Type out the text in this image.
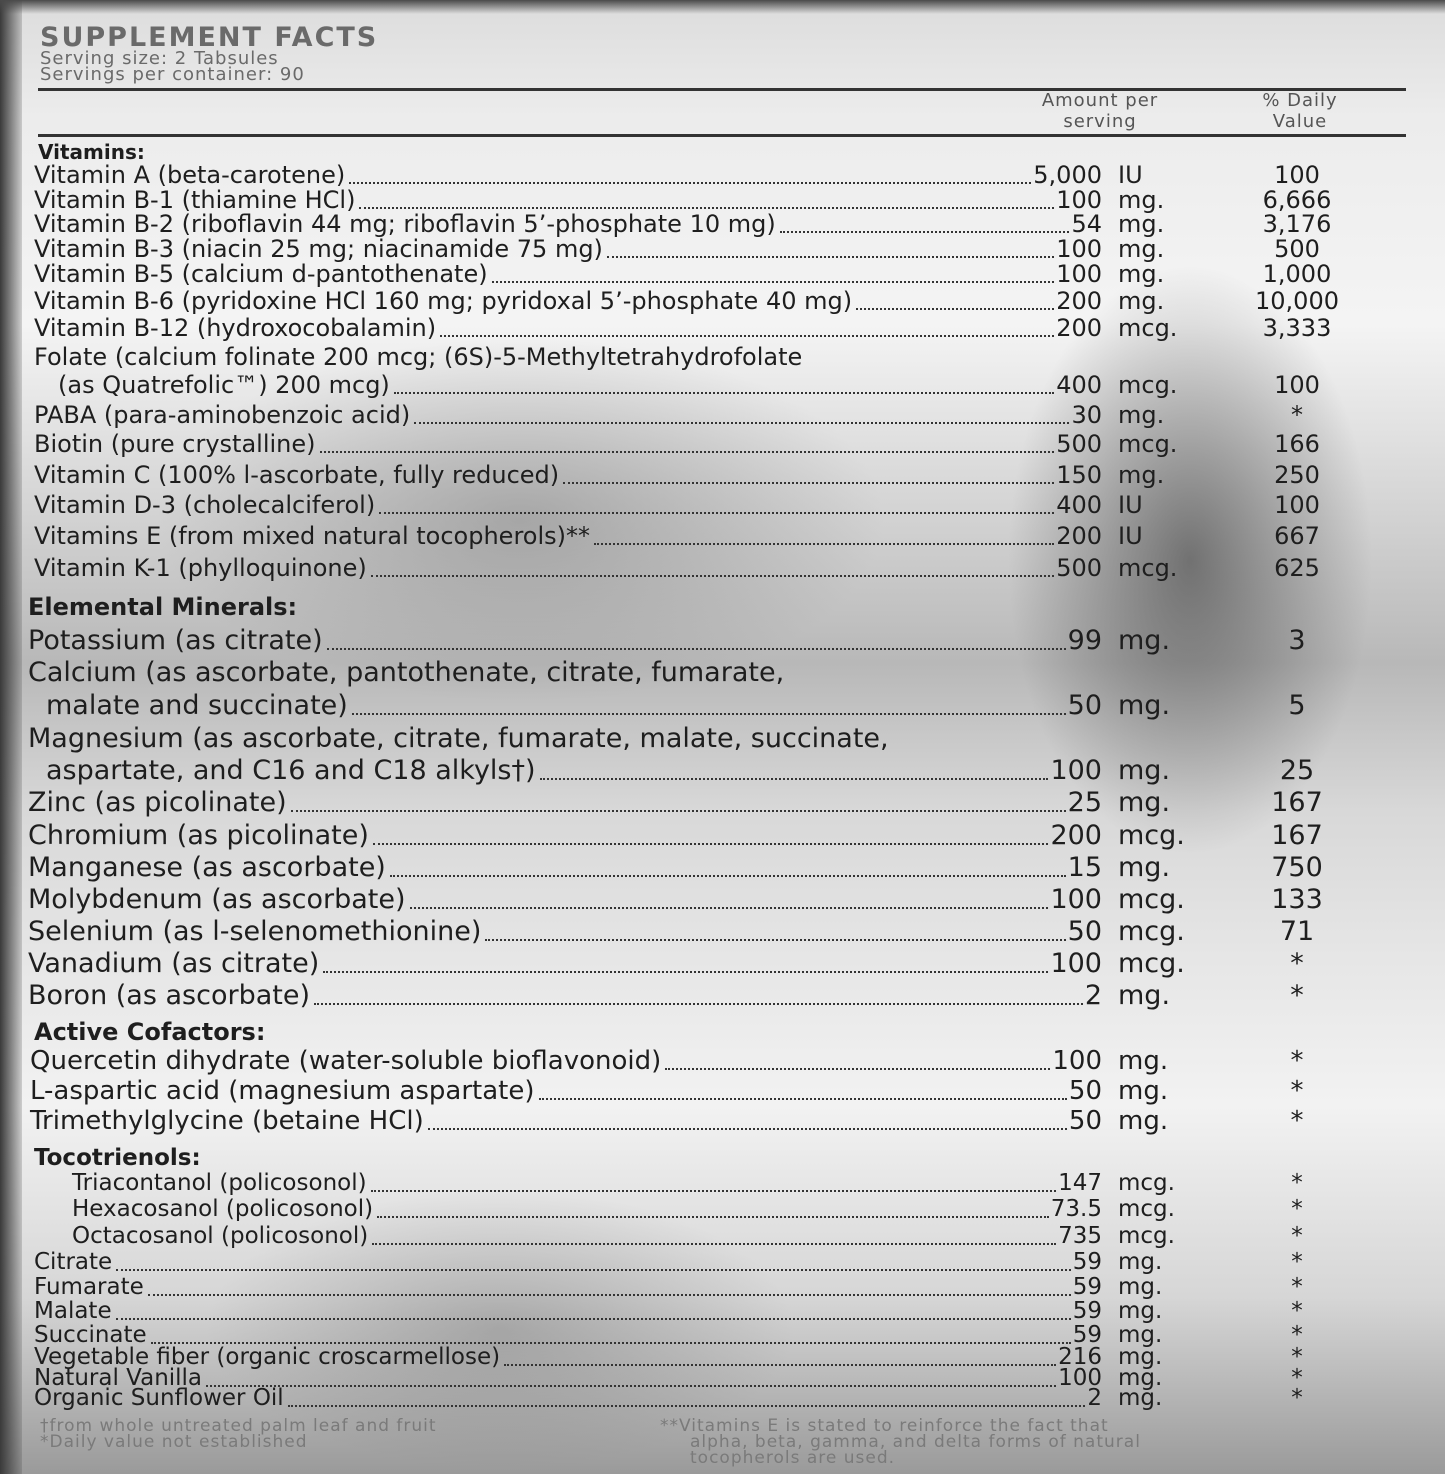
SUPPLEMENT FACTS
Serving size: 2 Tabsules
Servings per container: 90
Amount per
serving
% Daily
Value
Vitamins:
Vitamin A (beta-carotene)	5,000 IU	100
Vitamin B-1 (thiamine HCl)	100 mg.	6,666
Vitamin B-2 (riboflavin 44 mg; riboflavin 5’-phosphate 10 mg)	54 mg.	3,176
Vitamin B-3 (niacin 25 mg; niacinamide 75 mg)	100 mg.	500
Vitamin B-5 (calcium d-pantothenate)	100 mg.	1,000
Vitamin B-6 (pyridoxine HCl 160 mg; pyridoxal 5’-phosphate 40 mg)	200 mg.	10,000
Vitamin B-12 (hydroxocobalamin)	200 mcg.	3,333
Folate (calcium folinate 200 mcg; (6S)-5-Methyltetrahydrofolate
(as Quatrefolic™) 200 mcg)	400 mcg.	100
PABA (para-aminobenzoic acid)	30 mg.	*
Biotin (pure crystalline)	500 mcg.	166
Vitamin C (100% l-ascorbate, fully reduced)	150 mg.	250
Vitamin D-3 (cholecalciferol)	400 IU	100
Vitamins E (from mixed natural tocopherols)**	200 IU	667
Vitamin K-1 (phylloquinone)	500 mcg.	625
Elemental Minerals:
Potassium (as citrate)	99 mg.	3
Calcium (as ascorbate, pantothenate, citrate, fumarate,
malate and succinate)	50 mg.	5
Magnesium (as ascorbate, citrate, fumarate, malate, succinate,
aspartate, and C16 and C18 alkyls†)	100 mg.	25
Zinc (as picolinate)	25 mg.	167
Chromium (as picolinate)	200 mcg.	167
Manganese (as ascorbate)	15 mg.	750
Molybdenum (as ascorbate)	100 mcg.	133
Selenium (as l-selenomethionine)	50 mcg.	71
Vanadium (as citrate)	100 mcg.	*
Boron (as ascorbate)	2 mg.	*
Active Cofactors:
Quercetin dihydrate (water-soluble bioflavonoid)	100 mg.	*
L-aspartic acid (magnesium aspartate)	50 mg.	*
Trimethylglycine (betaine HCl)	50 mg.	*
Tocotrienols:
Triacontanol (policosonol)	147 mcg.	*
Hexacosanol (policosonol)	73.5 mcg.	*
Octacosanol (policosonol)	735 mcg.	*
Citrate	59 mg.	*
Fumarate	59 mg.	*
Malate	59 mg.	*
Succinate	59 mg.	*
Vegetable fiber (organic croscarmellose)	216 mg.	*
Natural Vanilla	100 mg.	*
Organic Sunflower Oil	2 mg.	*
†from whole untreated palm leaf and fruit
*Daily value not established
**Vitamins E is stated to reinforce the fact that
alpha, beta, gamma, and delta forms of natural
tocopherols are used.
